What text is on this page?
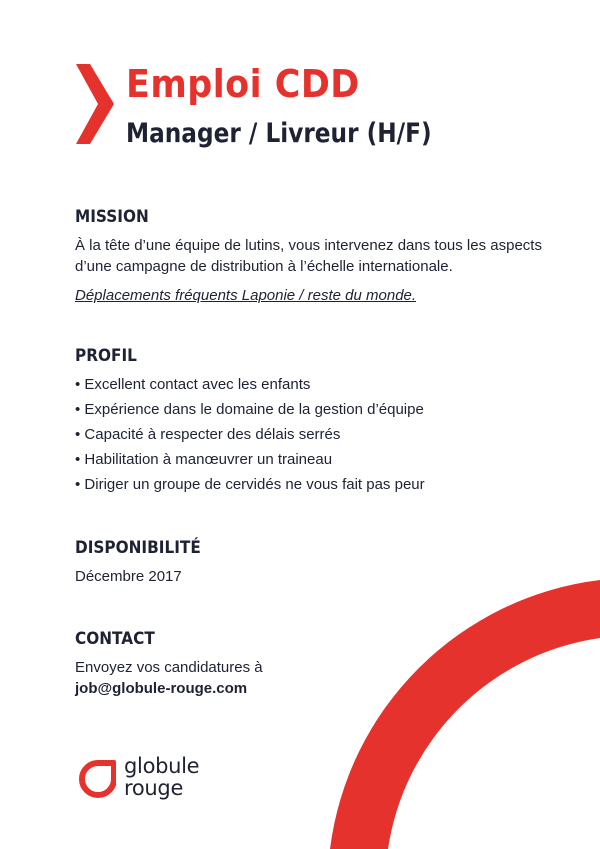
Emploi CDD
Manager / Livreur (H/F)
MISSION

À la tête d’une équipe de lutins, vous intervenez dans tous les aspects d’une campagne de distribution à l’échelle internationale.

Déplacements fréquents Laponie / reste du monde.

PROFIL
• Excellent contact avec les enfants
• Expérience dans le domaine de la gestion d’équipe
• Capacité à respecter des délais serrés
• Habilitation à manœuvrer un traineau
• Diriger un groupe de cervidés ne vous fait pas peur
DISPONIBILITÉ

Décembre 2017

CONTACT

Envoyez vos candidatures à

job@globule-rouge.com

globule
rouge
